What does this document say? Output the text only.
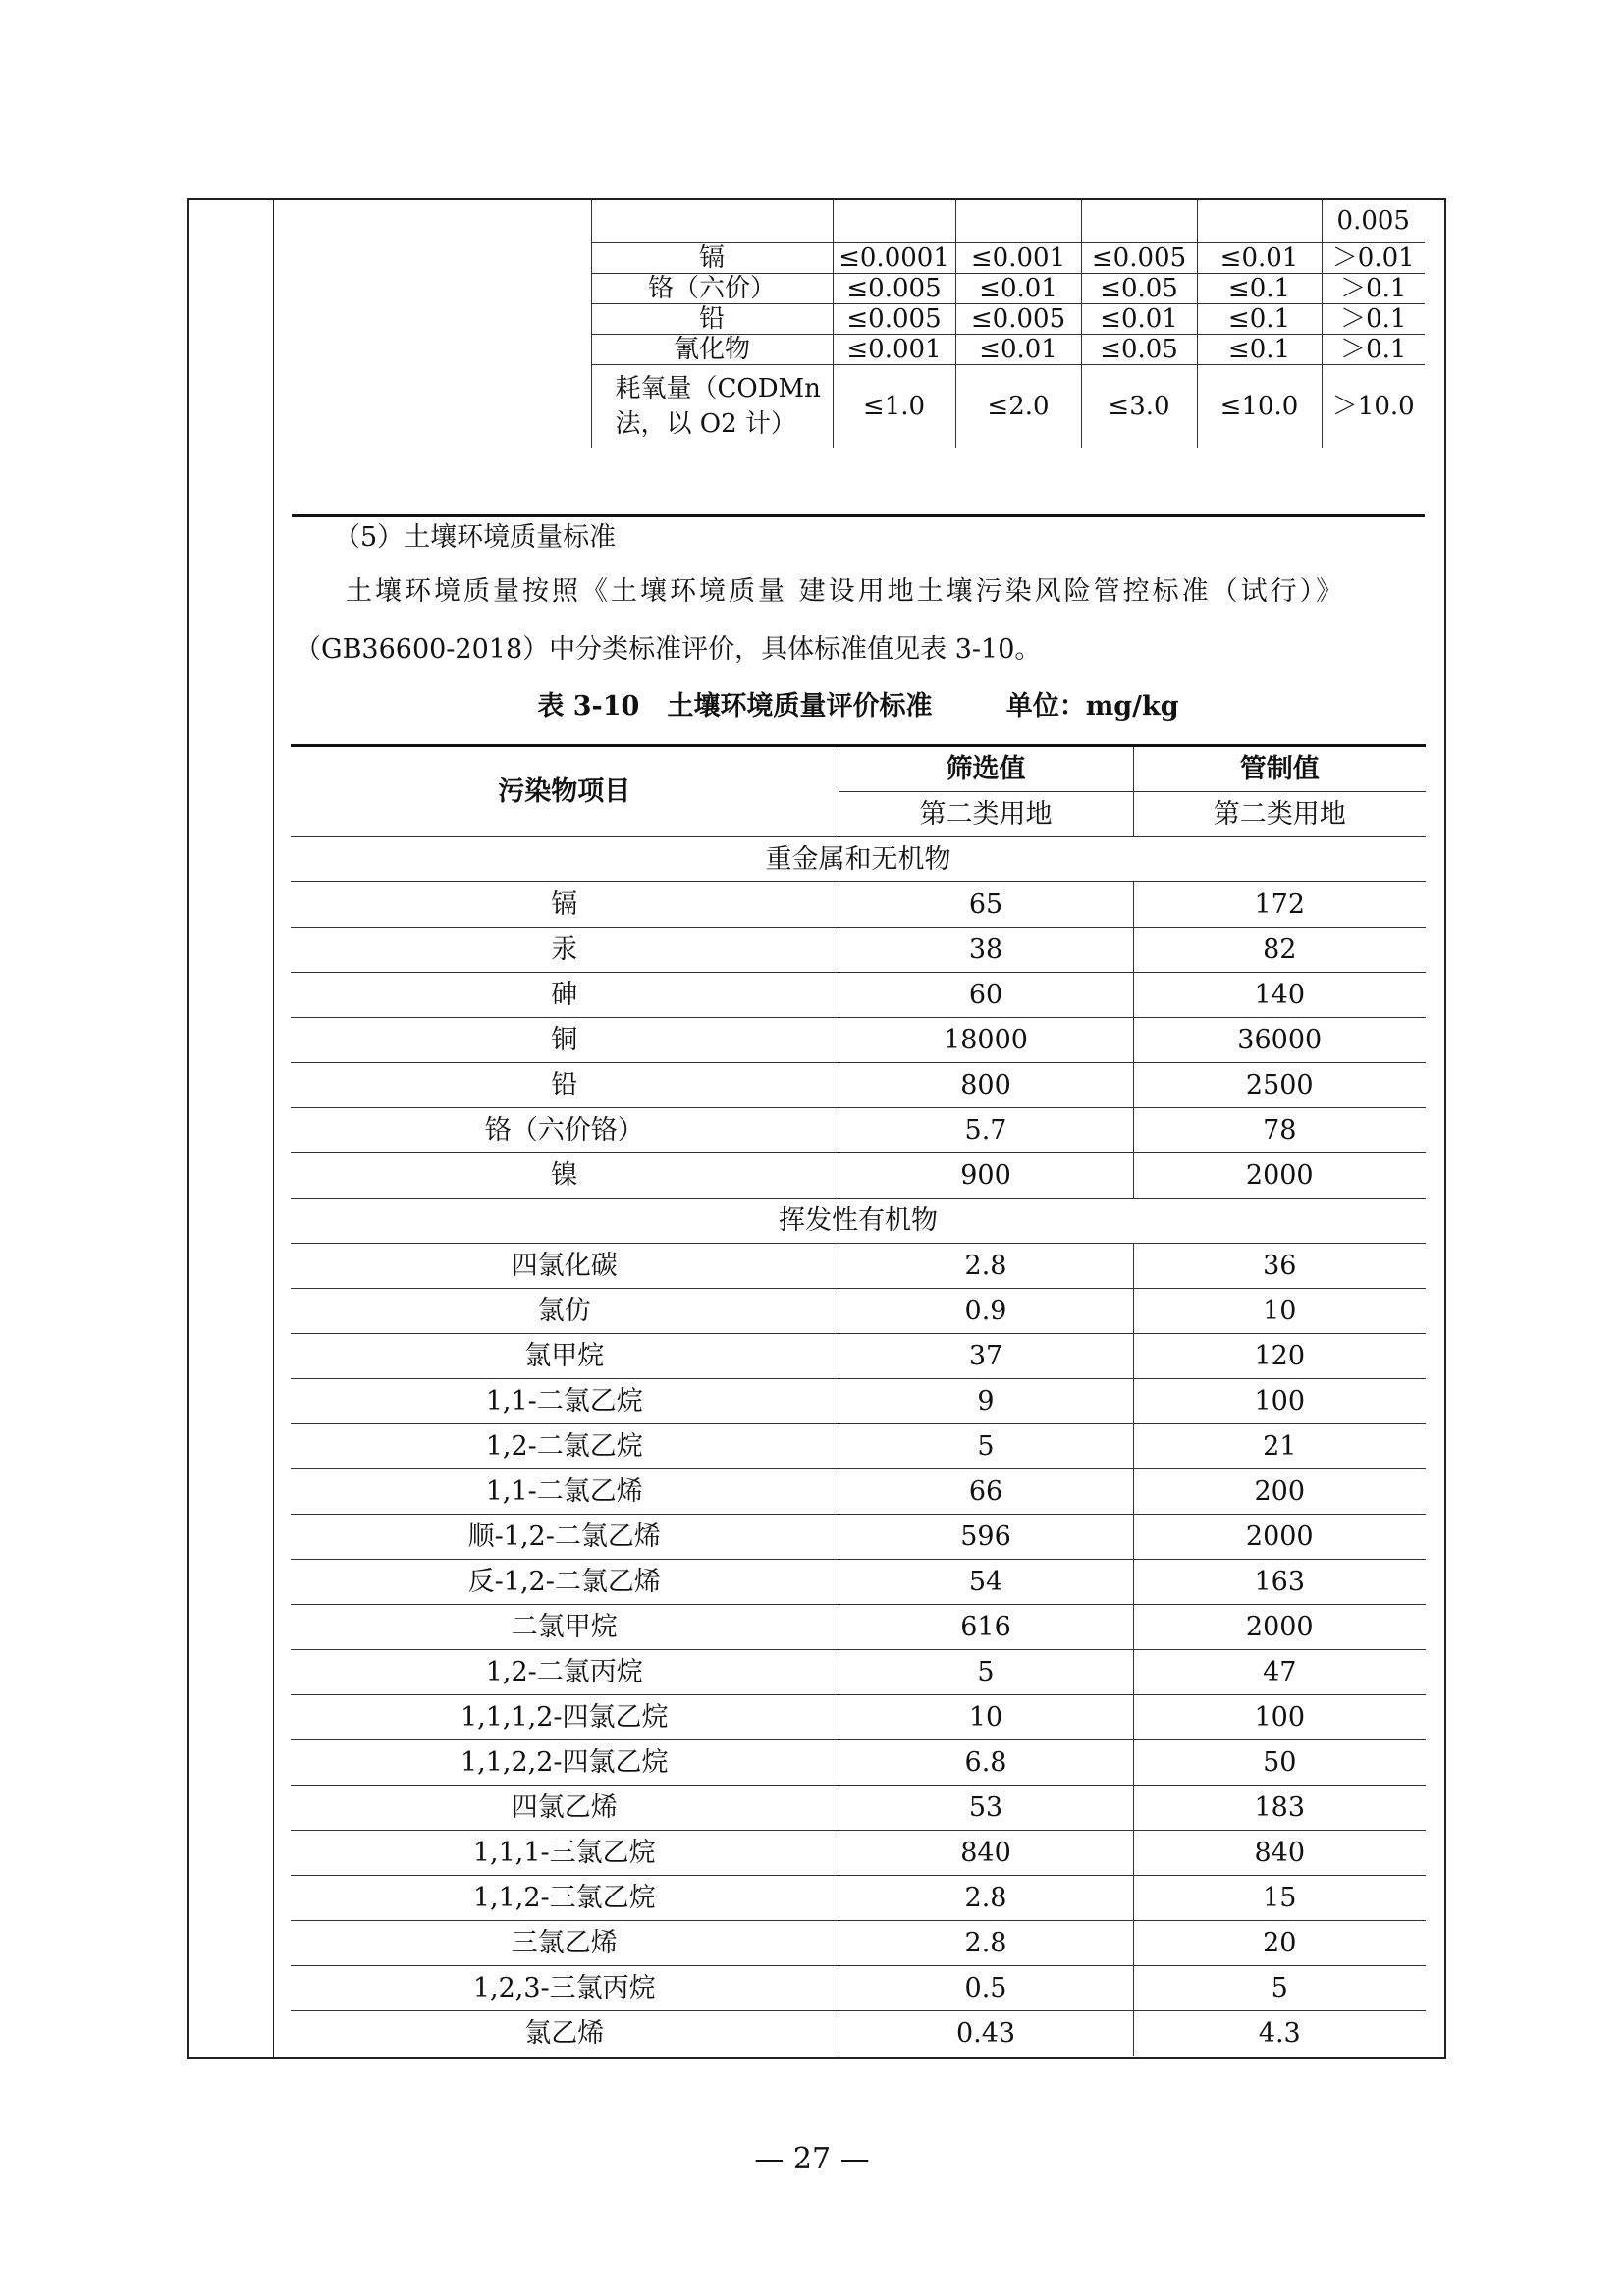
						0.005
	镉	≤0.0001	≤0.001	≤0.005	≤0.01	＞0.01
	铬（六价）	≤0.005	≤0.01	≤0.05	≤0.1	＞0.1
	铅	≤0.005	≤0.005	≤0.01	≤0.1	＞0.1
	氰化物	≤0.001	≤0.01	≤0.05	≤0.1	＞0.1

	耗氧量（CODMn
法，以 O2 计）	≤1.0	≤2.0	≤3.0	≤10.0	＞10.0
（5）土壤环境质量标准
土壤环境质量按照《土壤环境质量 建设用地土壤污染风险管控标准（试行）》
（GB36600-2018）中分类标准评价，具体标准值见表 3-10。
表 3-10   土壤环境质量评价标准        单位：mg/kg
污染物项目	筛选值	管制值
	第二类用地	第二类用地
重金属和无机物		
镉	65	172
汞	38	82
砷	60	140
铜	18000	36000
铅	800	2500
铬（六价铬）	5.7	78
镍	900	2000
挥发性有机物		
四氯化碳	2.8	36
氯仿	0.9	10
氯甲烷	37	120
1,1-二氯乙烷	9	100
1,2-二氯乙烷	5	21
1,1-二氯乙烯	66	200
顺-1,2-二氯乙烯	596	2000
反-1,2-二氯乙烯	54	163
二氯甲烷	616	2000
1,2-二氯丙烷	5	47
1,1,1,2-四氯乙烷	10	100
1,1,2,2-四氯乙烷	6.8	50
四氯乙烯	53	183
1,1,1-三氯乙烷	840	840
1,1,2-三氯乙烷	2.8	15
三氯乙烯	2.8	20
1,2,3-三氯丙烷	0.5	5
氯乙烯	0.43	4.3
— 27 —
